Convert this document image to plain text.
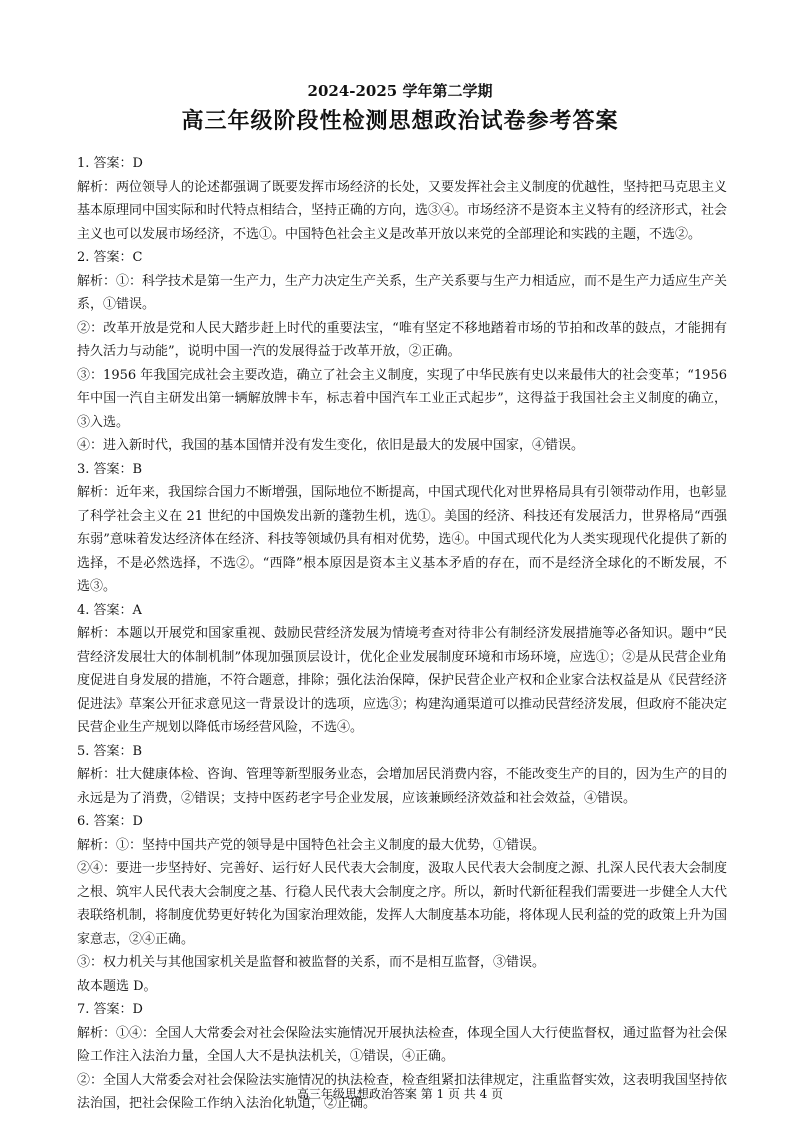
2024-2025 学年第二学期
高三年级阶段性检测思想政治试卷参考答案

1. 答案：D

解析：两位领导人的论述都强调了既要发挥市场经济的长处，又要发挥社会主义制度的优越性，坚持把马克思主义基本原理同中国实际和时代特点相结合，坚持正确的方向，选③④。市场经济不是资本主义特有的经济形式，社会主义也可以发展市场经济，不选①。中国特色社会主义是改革开放以来党的全部理论和实践的主题，不选②。

2. 答案：C

解析：①：科学技术是第一生产力，生产力决定生产关系，生产关系要与生产力相适应，而不是生产力适应生产关系，①错误。

②：改革开放是党和人民大踏步赶上时代的重要法宝，“唯有坚定不移地踏着市场的节拍和改革的鼓点，才能拥有持久活力与动能”，说明中国一汽的发展得益于改革开放，②正确。

③：1956 年我国完成社会主要改造，确立了社会主义制度，实现了中华民族有史以来最伟大的社会变革；“1956 年中国一汽自主研发出第一辆解放牌卡车，标志着中国汽车工业正式起步”，这得益于我国社会主义制度的确立，③入选。

④：进入新时代，我国的基本国情并没有发生变化，依旧是最大的发展中国家，④错误。

3. 答案：B

解析：近年来，我国综合国力不断增强，国际地位不断提高，中国式现代化对世界格局具有引领带动作用，也彰显了科学社会主义在 21 世纪的中国焕发出新的蓬勃生机，选①。美国的经济、科技还有发展活力，世界格局“西强东弱”意味着发达经济体在经济、科技等领域仍具有相对优势，选④。中国式现代化为人类实现现代化提供了新的选择，不是必然选择，不选②。“西降”根本原因是资本主义基本矛盾的存在，而不是经济全球化的不断发展，不选③。

4. 答案：A

解析：本题以开展党和国家重视、鼓励民营经济发展为情境考查对待非公有制经济发展措施等必备知识。题中“民营经济发展壮大的体制机制”体现加强顶层设计，优化企业发展制度环境和市场环境，应选①；②是从民营企业角度促进自身发展的措施，不符合题意，排除；强化法治保障，保护民营企业产权和企业家合法权益是从《民营经济促进法》草案公开征求意见这一背景设计的选项，应选③；构建沟通渠道可以推动民营经济发展，但政府不能决定民营企业生产规划以降低市场经营风险，不选④。

5. 答案：B

解析：壮大健康体检、咨询、管理等新型服务业态，会增加居民消费内容，不能改变生产的目的，因为生产的目的永远是为了消费，②错误；支持中医药老字号企业发展，应该兼顾经济效益和社会效益，④错误。

6. 答案：D

解析：①：坚持中国共产党的领导是中国特色社会主义制度的最大优势，①错误。

②④：要进一步坚持好、完善好、运行好人民代表大会制度，汲取人民代表大会制度之源、扎深人民代表大会制度之根、筑牢人民代表大会制度之基、行稳人民代表大会制度之序。所以，新时代新征程我们需要进一步健全人大代表联络机制，将制度优势更好转化为国家治理效能，发挥人大制度基本功能，将体现人民利益的党的政策上升为国家意志，②④正确。

③：权力机关与其他国家机关是监督和被监督的关系，而不是相互监督，③错误。

故本题选 D。

7. 答案：D

解析：①④：全国人大常委会对社会保险法实施情况开展执法检查，体现全国人大行使监督权，通过监督为社会保险工作注入法治力量，全国人大不是执法机关，①错误，④正确。

②：全国人大常委会对社会保险法实施情况的执法检查，检查组紧扣法律规定，注重监督实效，这表明我国坚持依法治国，把社会保险工作纳入法治化轨道，②正确。

高三年级思想政治答案 第 1 页 共 4 页
